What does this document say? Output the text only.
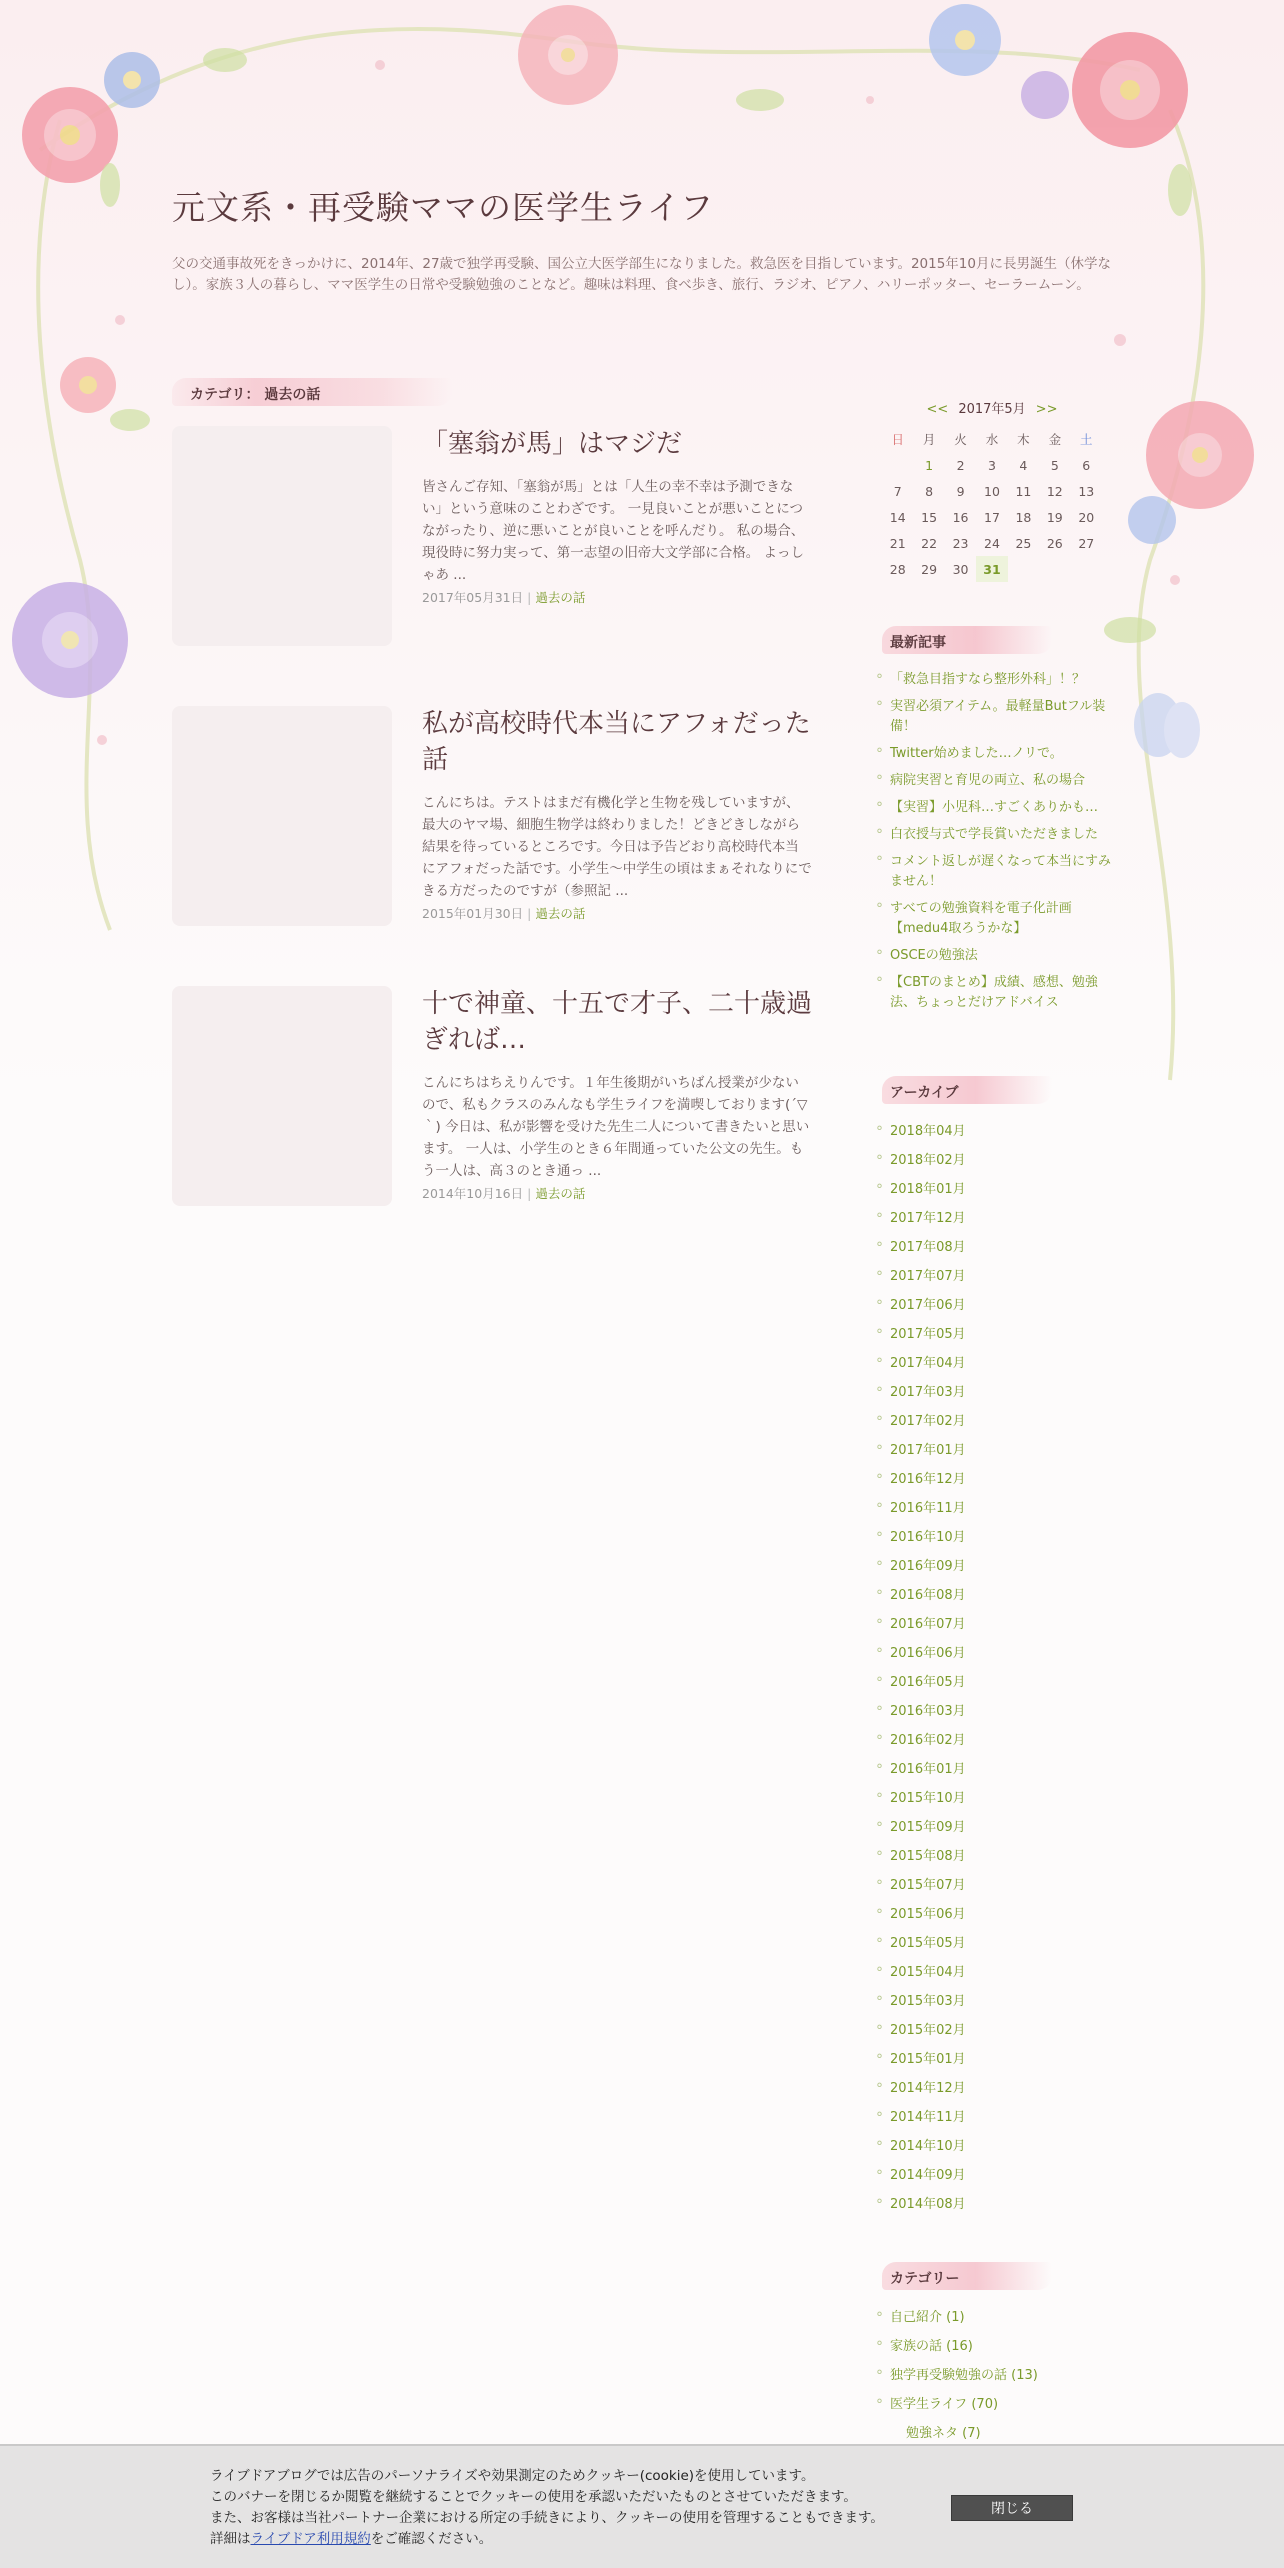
元文系・再受験ママの医学生ライフ

父の交通事故死をきっかけに、2014年、27歳で独学再受験、国公立大医学部生になりました。救急医を目指しています。2015年10月に長男誕生（休学なし）。家族３人の暮らし、ママ医学生の日常や受験勉強のことなど。趣味は料理、食べ歩き、旅行、ラジオ、ピアノ、ハリーポッター、セーラームーン。

カテゴリ： 過去の話
「塞翁が馬」はマジだ

皆さんご存知、「塞翁が馬」とは「人生の幸不幸は予測できない」という意味のことわざです。 一見良いことが悪いことにつながったり、逆に悪いことが良いことを呼んだり。 私の場合、現役時に努力実って、第一志望の旧帝大文学部に合格。 よっしゃあ ...

2017年05月31日 | 過去の話
私が高校時代本当にアフォだった話

こんにちは。テストはまだ有機化学と生物を残していますが、最大のヤマ場、細胞生物学は終わりました！どきどきしながら結果を待っているところです。今日は予告どおり高校時代本当にアフォだった話です。小学生～中学生の頃はまぁそれなりにできる方だったのですが（参照記 ...

2015年01月30日 | 過去の話
十で神童、十五で才子、二十歳過ぎれば…

こんにちはちえりんです。１年生後期がいちばん授業が少ないので、私もクラスのみんなも学生ライフを満喫しております(´▽｀) 今日は、私が影響を受けた先生二人について書きたいと思います。 一人は、小学生のとき６年間通っていた公文の先生。もう一人は、高３のとき通っ ...

2014年10月16日 | 過去の話
<< 2017年5月 >>
日	月	火	水	木	金	土
	1	2	3	4	5	6
7	8	9	10	11	12	13
14	15	16	17	18	19	20
21	22	23	24	25	26	27
28	29	30	31			
最新記事
° 「救急目指すなら整形外科」！？
° 実習必須アイテム。最軽量Butフル装備！
° Twitter始めました…ノリで。
° 病院実習と育児の両立、私の場合
° 【実習】小児科…すごくありかも…
° 白衣授与式で学長賞いただきました
° コメント返しが遅くなって本当にすみません！
° すべての勉強資料を電子化計画【medu4取ろうかな】
° OSCEの勉強法
° 【CBTのまとめ】成績、感想、勉強法、ちょっとだけアドバイス
アーカイブ
° 2018年04月
° 2018年02月
° 2018年01月
° 2017年12月
° 2017年08月
° 2017年07月
° 2017年06月
° 2017年05月
° 2017年04月
° 2017年03月
° 2017年02月
° 2017年01月
° 2016年12月
° 2016年11月
° 2016年10月
° 2016年09月
° 2016年08月
° 2016年07月
° 2016年06月
° 2016年05月
° 2016年03月
° 2016年02月
° 2016年01月
° 2015年10月
° 2015年09月
° 2015年08月
° 2015年07月
° 2015年06月
° 2015年05月
° 2015年04月
° 2015年03月
° 2015年02月
° 2015年01月
° 2014年12月
° 2014年11月
° 2014年10月
° 2014年09月
° 2014年08月
カテゴリー
° 自己紹介 (1)
° 家族の話 (16)
° 独学再受験勉強の話 (13)
° 医学生ライフ (70)
勉強ネタ (7)
ライブドアブログでは広告のパーソナライズや効果測定のためクッキー(cookie)を使用しています。
このバナーを閉じるか閲覧を継続することでクッキーの使用を承認いただいたものとさせていただきます。
また、お客様は当社パートナー企業における所定の手続きにより、クッキーの使用を管理することもできます。
詳細はライブドア利用規約をご確認ください。
閉じる
